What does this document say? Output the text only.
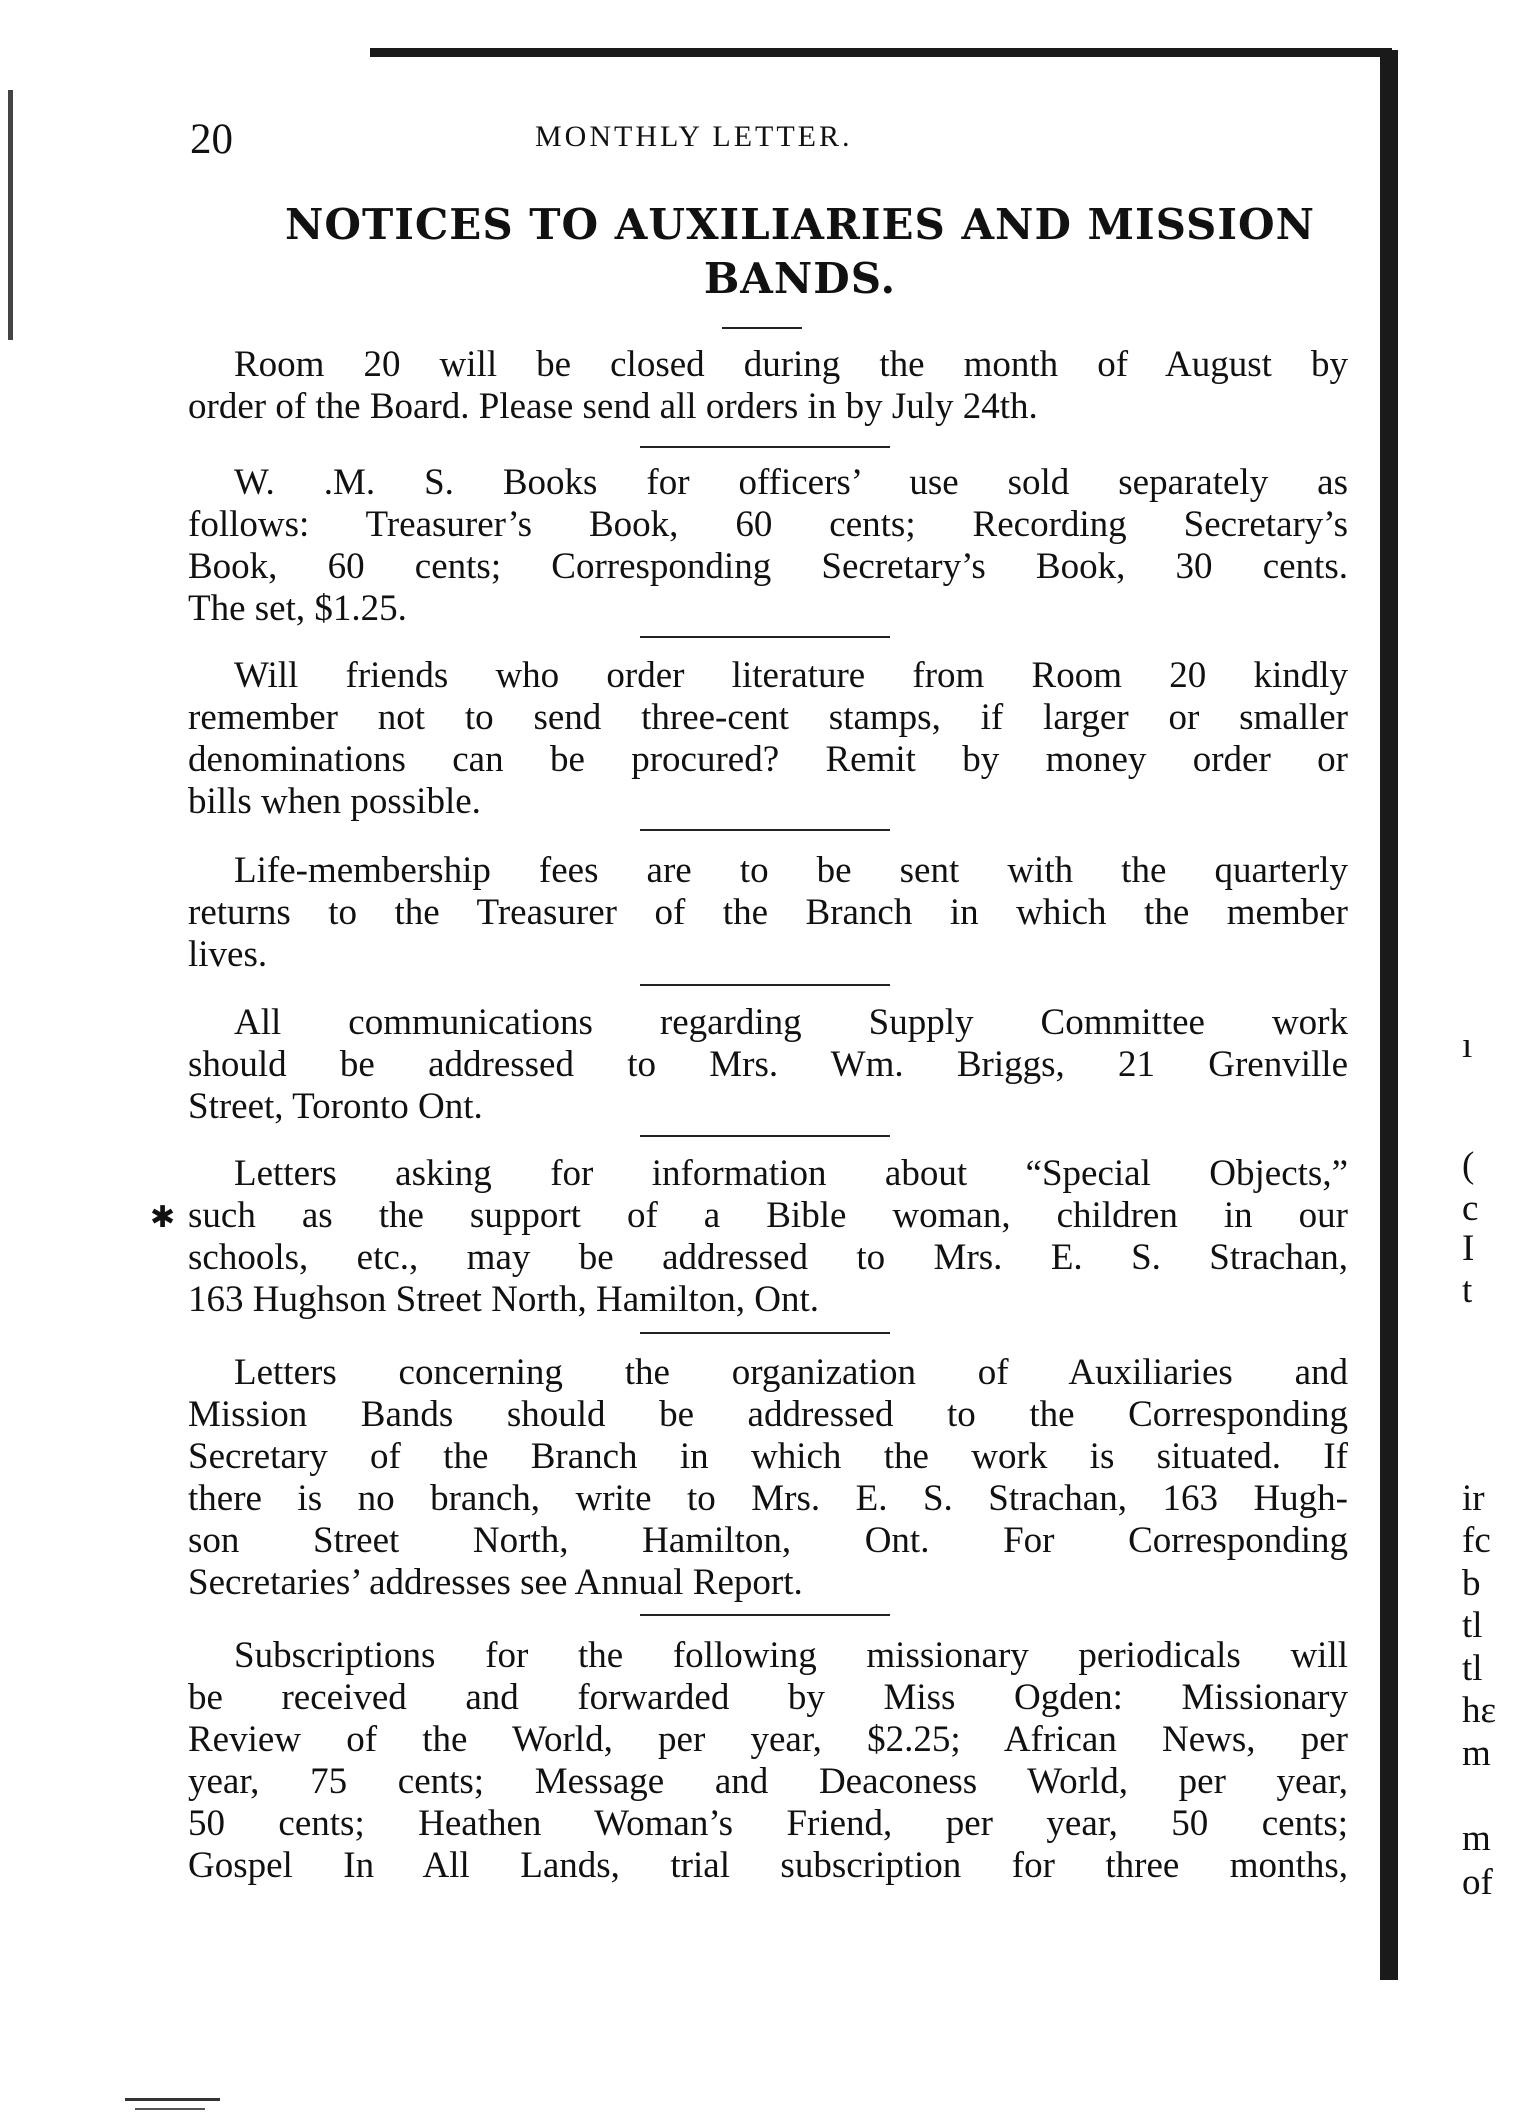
20	MONTHLY LETTER.
NOTICES TO AUXILIARIES AND MISSION
BANDS.
Room 20 will be closed during the month of August by
order of the Board. Please send all orders in by July 24th.
W. .M. S. Books for officers’ use sold separately as
follows: Treasurer’s Book, 60 cents; Recording Secretary’s
Book, 60 cents; Corresponding Secretary’s Book, 30 cents.
The set, $1.25.
Will friends who order literature from Room 20 kindly
remember not to send three-cent stamps, if larger or smaller
denominations can be procured? Remit by money order or
bills when possible.
Life-membership fees are to be sent with the quarterly
returns to the Treasurer of the Branch in which the member
lives.
All communications regarding Supply Committee work
should be addressed to Mrs. Wm. Briggs, 21 Grenville
Street, Toronto Ont.
Letters asking for information about “Special Objects,”
such as the support of a Bible woman, children in our
schools, etc., may be addressed to Mrs. E. S. Strachan,
163 Hughson Street North, Hamilton, Ont.
✱
Letters concerning the organization of Auxiliaries and
Mission Bands should be addressed to the Corresponding
Secretary of the Branch in which the work is situated. If
there is no branch, write to Mrs. E. S. Strachan, 163 Hugh-
son Street North, Hamilton, Ont. For Corresponding
Secretaries’ addresses see Annual Report.
Subscriptions for the following missionary periodicals will
be received and forwarded by Miss Ogden: Missionary
Review of the World, per year, $2.25; African News, per
year, 75 cents; Message and Deaconess World, per year,
50 cents; Heathen Woman’s Friend, per year, 50 cents;
Gospel In All Lands, trial subscription for three months,
ı
(
c
I
t
ir
fc
b
tl
tl
hε
m
m
of
